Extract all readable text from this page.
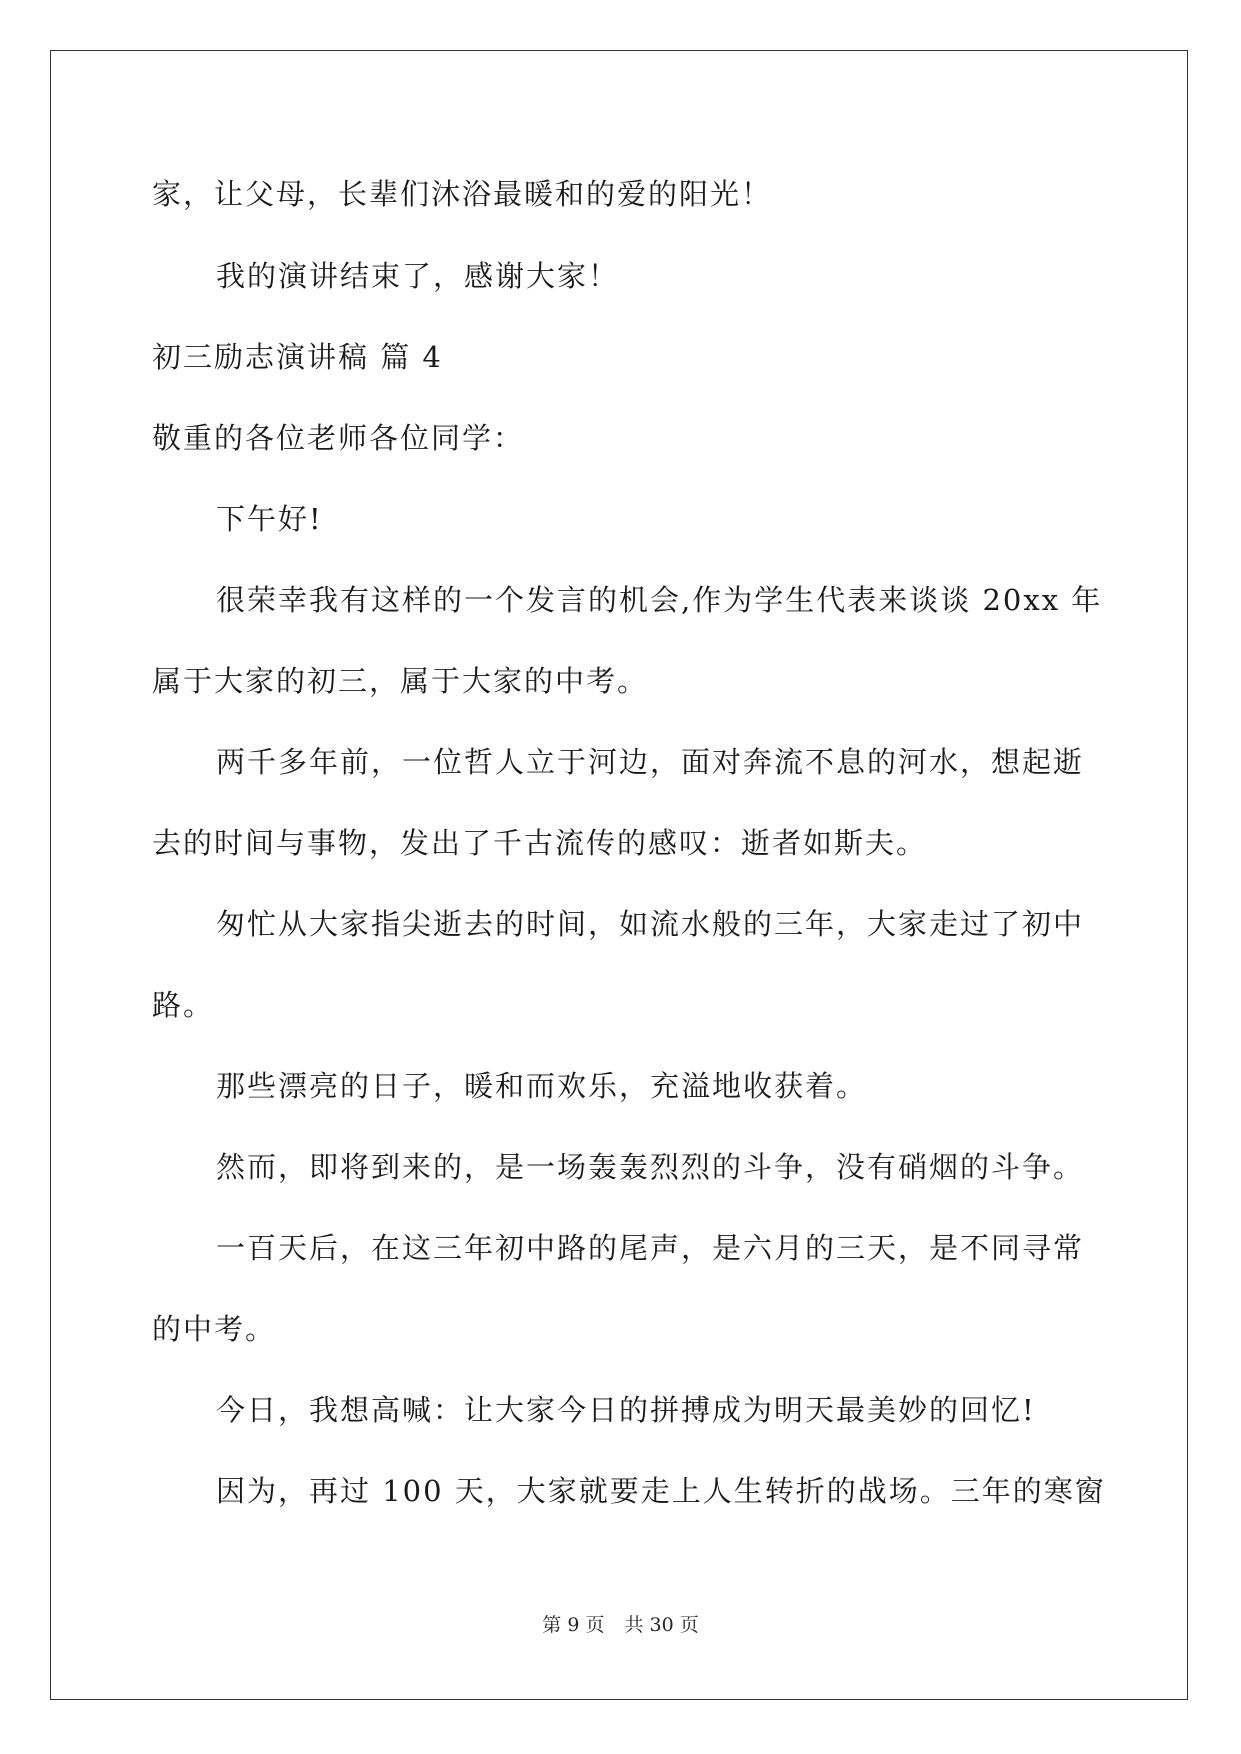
家，让父母，长辈们沐浴最暖和的爱的阳光！
我的演讲结束了，感谢大家！
初三励志演讲稿 篇 4
敬重的各位老师各位同学：
下午好!
很荣幸我有这样的一个发言的机会,作为学生代表来谈谈 20xx 年
属于大家的初三，属于大家的中考。
两千多年前，一位哲人立于河边，面对奔流不息的河水，想起逝
去的时间与事物，发出了千古流传的感叹：逝者如斯夫。
匆忙从大家指尖逝去的时间，如流水般的三年，大家走过了初中
路。
那些漂亮的日子，暖和而欢乐，充溢地收获着。
然而，即将到来的，是一场轰轰烈烈的斗争，没有硝烟的斗争。
一百天后，在这三年初中路的尾声，是六月的三天，是不同寻常
的中考。
今日，我想高喊：让大家今日的拼搏成为明天最美妙的回忆!
因为，再过 100 天，大家就要走上人生转折的战场。三年的寒窗
第 9 页 共 30 页
